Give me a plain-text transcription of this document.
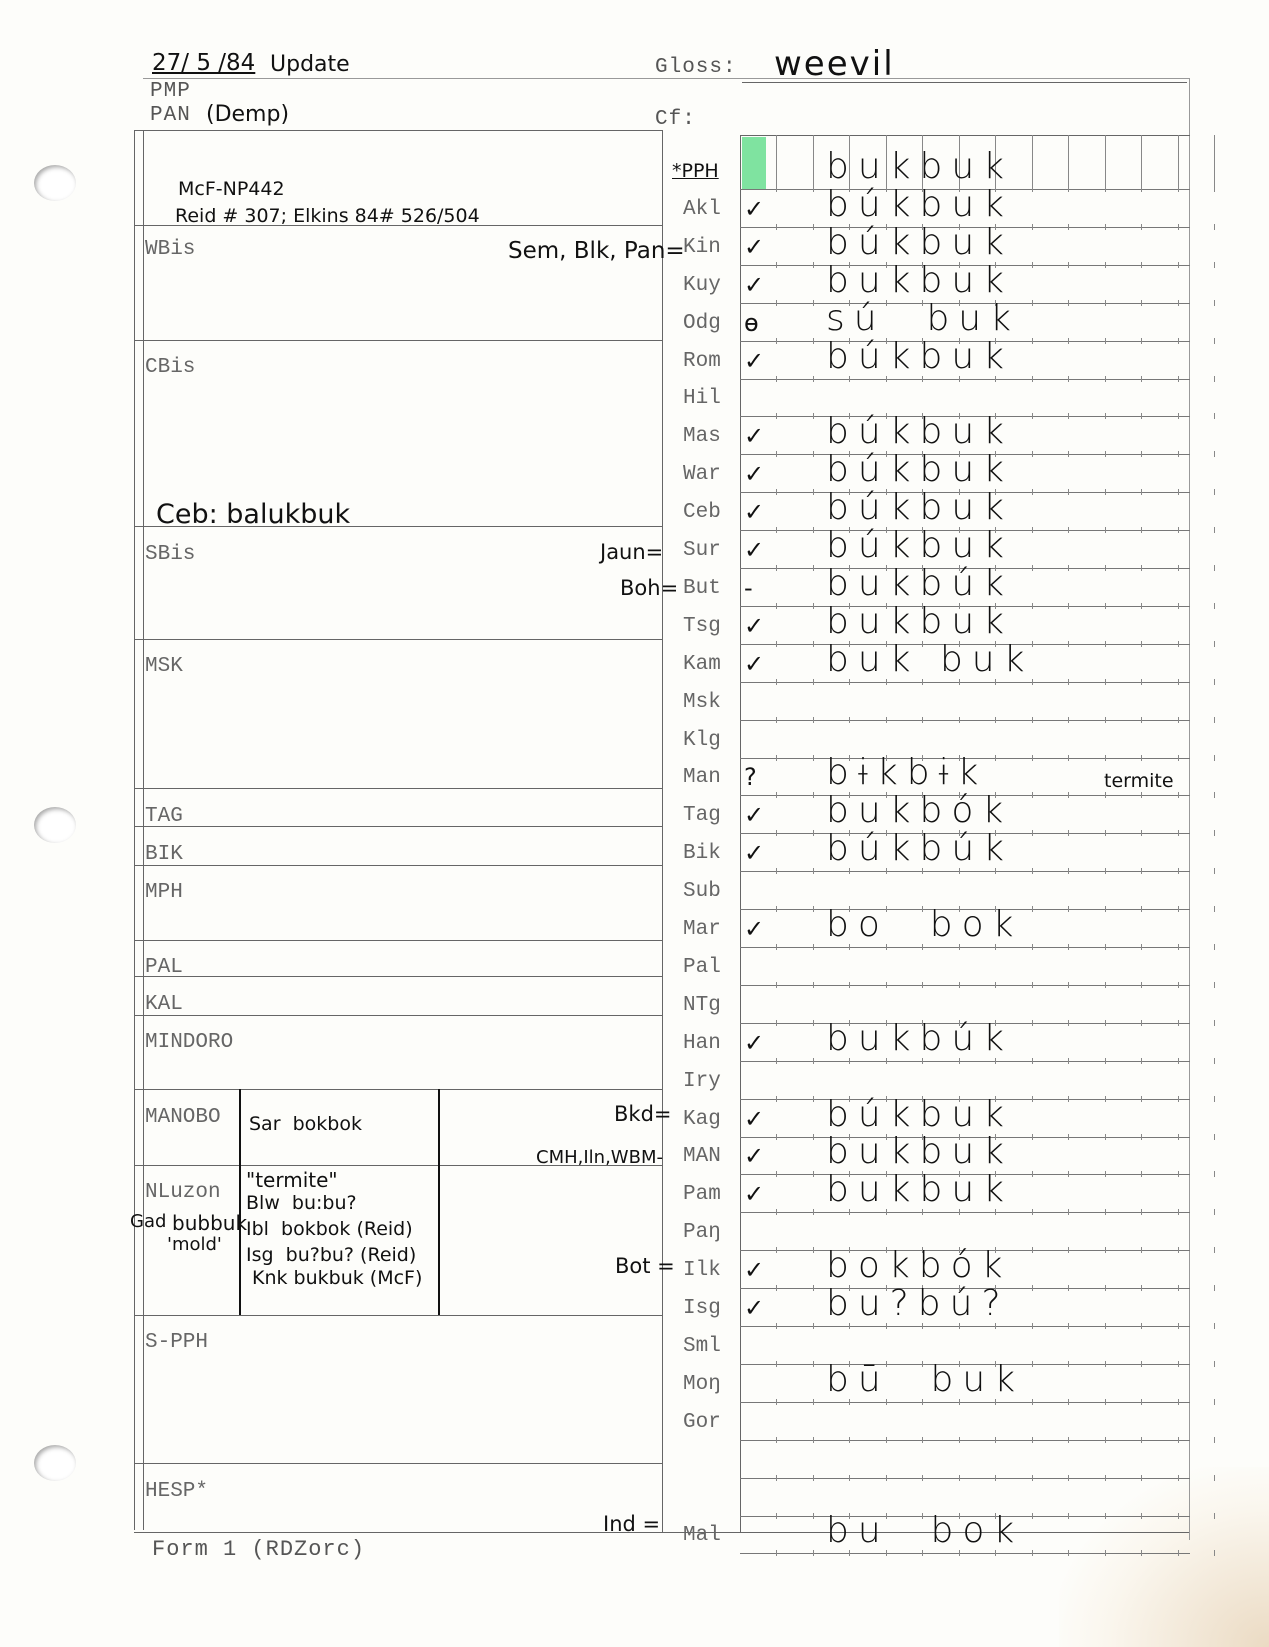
27/ 5 /84 Update
PMP
PAN (Demp)
Gloss: weevil
Cf:
McF-NP442
Reid # 307; Elkins 84# 526/504
WBis
CBis
SBis
MSK
TAG
BIK
MPH
PAL
KAL
MINDORO
MANOBO
NLuzon
S-PPH
HESP*
Sem, Blk, Pan=
Ceb: balukbuk
Jaun=
Boh=
Bkd=
CMH,Iln,WBM-
Bot =
Ind =
Sar  bokbok
"termite"
Blw  bu:bu?
Ibl  bokbok (Reid)
Isg  bu?bu? (Reid)
Knk bukbuk (McF)
Gad bubbuk
'mold'
*PPH	bukbuk
Akl ✓ búkbuk
Kin ✓ búkbuk
Kuy ✓ bukbuk
Odg ɵ sú  buk
Rom ✓ búkbuk
Hil
Mas ✓ búkbuk
War ✓ búkbuk
Ceb ✓ búkbuk
Sur ✓ búkbuk
But - bukbúk
Tsg ✓ bukbuk
Kam ✓ buk buk
Msk
Klg
Man ? bɨkbɨk
Tag ✓ bukbók
Bik ✓ búkbúk
Sub
Mar ✓ bo  bok
Pal
NTg
Han ✓ bukbúk
Iry
Kag ✓ búkbuk
MAN ✓ bukbuk
Pam ✓ bukbuk
Paŋ
Ilk ✓ bokbók
Isg ✓ bu?bú?
Sml
Moŋ	bū  buk
Gor
Mal	bu  bok
termite
Form 1 (RDZorc)
